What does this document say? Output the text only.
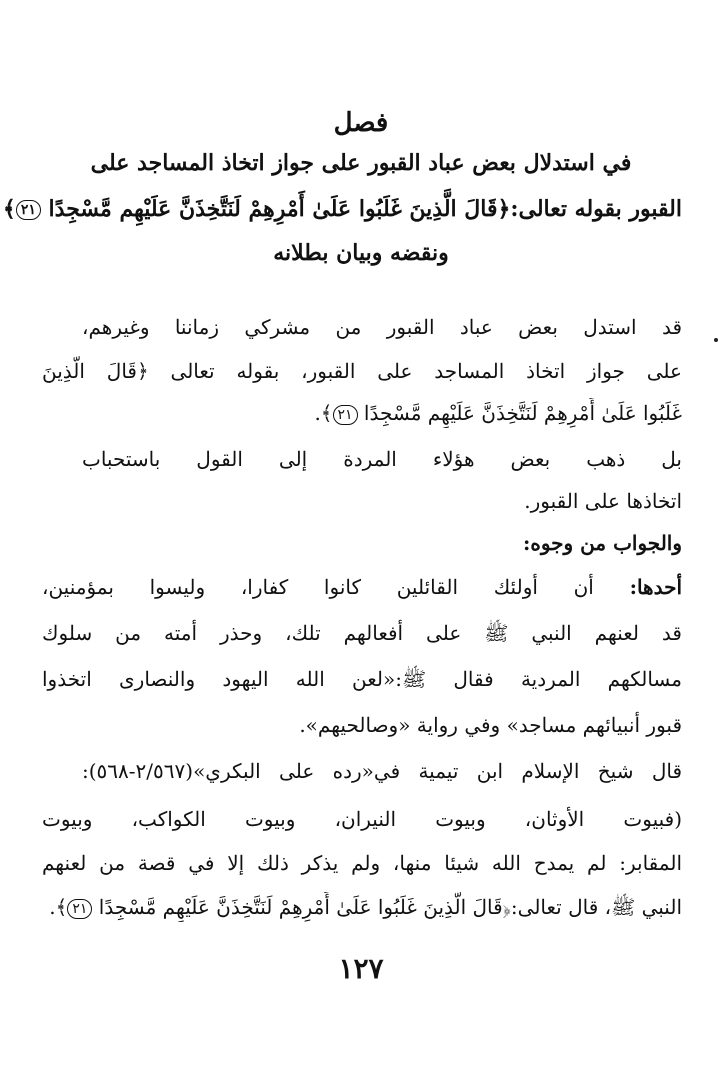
فصل
في استدلال بعض عباد القبور على جواز اتخاذ المساجد على
القبور بقوله تعالى:﴿قَالَ الَّذِينَ غَلَبُوا عَلَىٰ أَمْرِهِمْ لَنَتَّخِذَنَّ عَلَيْهِم مَّسْجِدًا ٢١﴾
ونقضه وبيان بطلانه
قد استدل بعض عباد القبور من مشركي زماننا وغيرهم،
على جواز اتخاذ المساجد على القبور، بقوله تعالى ﴿قَالَ الَّذِينَ
غَلَبُوا عَلَىٰ أَمْرِهِمْ لَنَتَّخِذَنَّ عَلَيْهِم مَّسْجِدًا ٢١﴾.
بل ذهب بعض هؤلاء المردة إلى القول باستحباب
اتخاذها على القبور.
والجواب من وجوه:
أحدها: أن أولئك القائلين كانوا كفارا، وليسوا بمؤمنين،
قد لعنهم النبي ﷺ على أفعالهم تلك، وحذر أمته من سلوك
مسالكهم المردية فقال ﷺ:«لعن الله اليهود والنصارى اتخذوا
قبور أنبيائهم مساجد» وفي رواية «وصالحيهم».
قال شيخ الإسلام ابن تيمية في«رده على البكري»(٢/٥٦٧-٥٦٨):
(فبيوت الأوثان، وبيوت النيران، وبيوت الكواكب، وبيوت
المقابر: لم يمدح الله شيئا منها، ولم يذكر ذلك إلا في قصة من لعنهم
النبي ﷺ، قال تعالى:﴿قَالَ الَّذِينَ غَلَبُوا عَلَىٰ أَمْرِهِمْ لَنَتَّخِذَنَّ عَلَيْهِم مَّسْجِدًا ٢١﴾.
١٢٧
